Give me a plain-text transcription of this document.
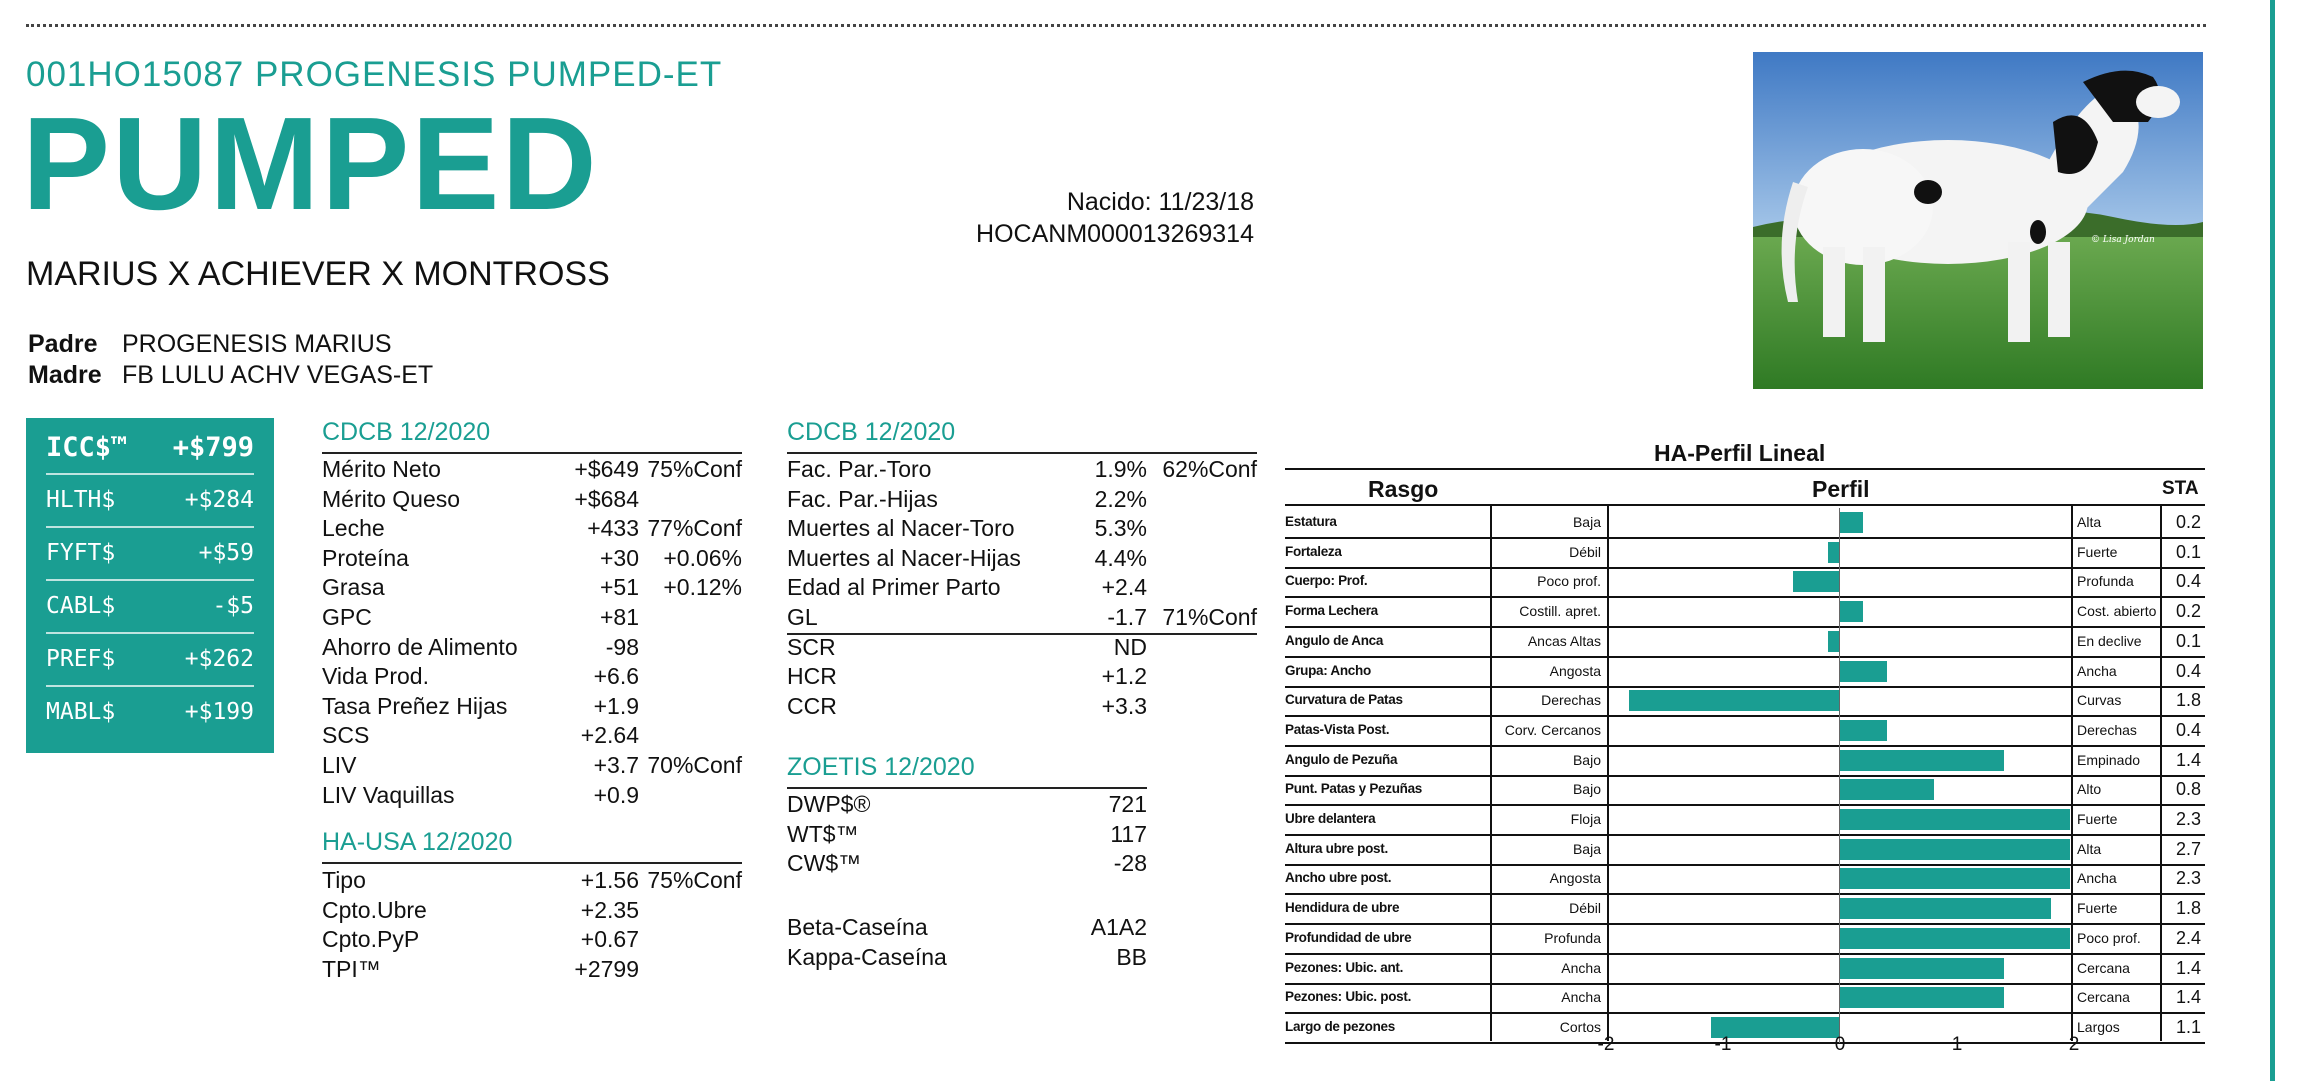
001HO15087 PROGENESIS PUMPED-ET
PUMPED
MARIUS X ACHIEVER X MONTROSS
Padre PROGENESIS MARIUS
Madre FB LULU ACHV VEGAS-ET
Nacido: 11/23/18
HOCANM000013269314	© Lisa Jordan
ICC$™ +$799
HLTH$	+$284
FYFT$	+$59
CABL$	-$5
PREF$	+$262
MABL$	+$199
CDCB 12/2020
Mérito Neto	+$649 75%Conf
Mérito Queso	+$684
Leche	+433 77%Conf
Proteína	+30 +0.06%
Grasa	+51 +0.12%
GPC	+81
Ahorro de Alimento	-98
Vida Prod.	+6.6
Tasa Preñez Hijas	+1.9
SCS	+2.64
LIV	+3.7 70%Conf
LIV Vaquillas	+0.9
HA-USA 12/2020
Tipo	+1.56 75%Conf
Cpto.Ubre	+2.35
Cpto.PyP	+0.67
TPI™	+2799
CDCB 12/2020
Fac. Par.-Toro	1.9% 62%Conf
Fac. Par.-Hijas	2.2%
Muertes al Nacer-Toro	5.3%
Muertes al Nacer-Hijas	4.4%
Edad al Primer Parto	+2.4
GL	-1.7 71%Conf
SCR	ND
HCR	+1.2
CCR	+3.3
ZOETIS 12/2020
DWP$®	721
WT$™	117
CW$™	-28
Beta-Caseína	A1A2
Kappa-Caseína	BB
HA-Perfil Lineal
Rasgo	Perfil	STA
Estatura	Baja	Alta	0.2
Fortaleza	Débil	Fuerte	0.1
Cuerpo: Prof.	Poco prof.	Profunda 0.4
Forma Lechera	Costill. apret.	Cost. abierto 0.2
Angulo de Anca	Ancas Altas	En declive 0.1
Grupa: Ancho	Angosta	Ancha	0.4
Curvatura de Patas	Derechas	Curvas	1.8
Patas-Vista Post.	Corv. Cercanos	Derechas 0.4
Angulo de Pezuña	Bajo	Empinado 1.4
Punt. Patas y Pezuñas	Bajo	Alto	0.8
Ubre delantera	Floja	Fuerte	2.3
Altura ubre post.	Baja	Alta	2.7
Ancho ubre post.	Angosta	Ancha	2.3
Hendidura de ubre	Débil	Fuerte	1.8
Profundidad de ubre	Profunda	Poco prof. 2.4
Pezones: Ubic. ant.	Ancha	Cercana	1.4
Pezones: Ubic. post.	Ancha	Cercana	1.4
Largo de pezones	Cortos	Largos	1.1
-2	-1	0	1	2
